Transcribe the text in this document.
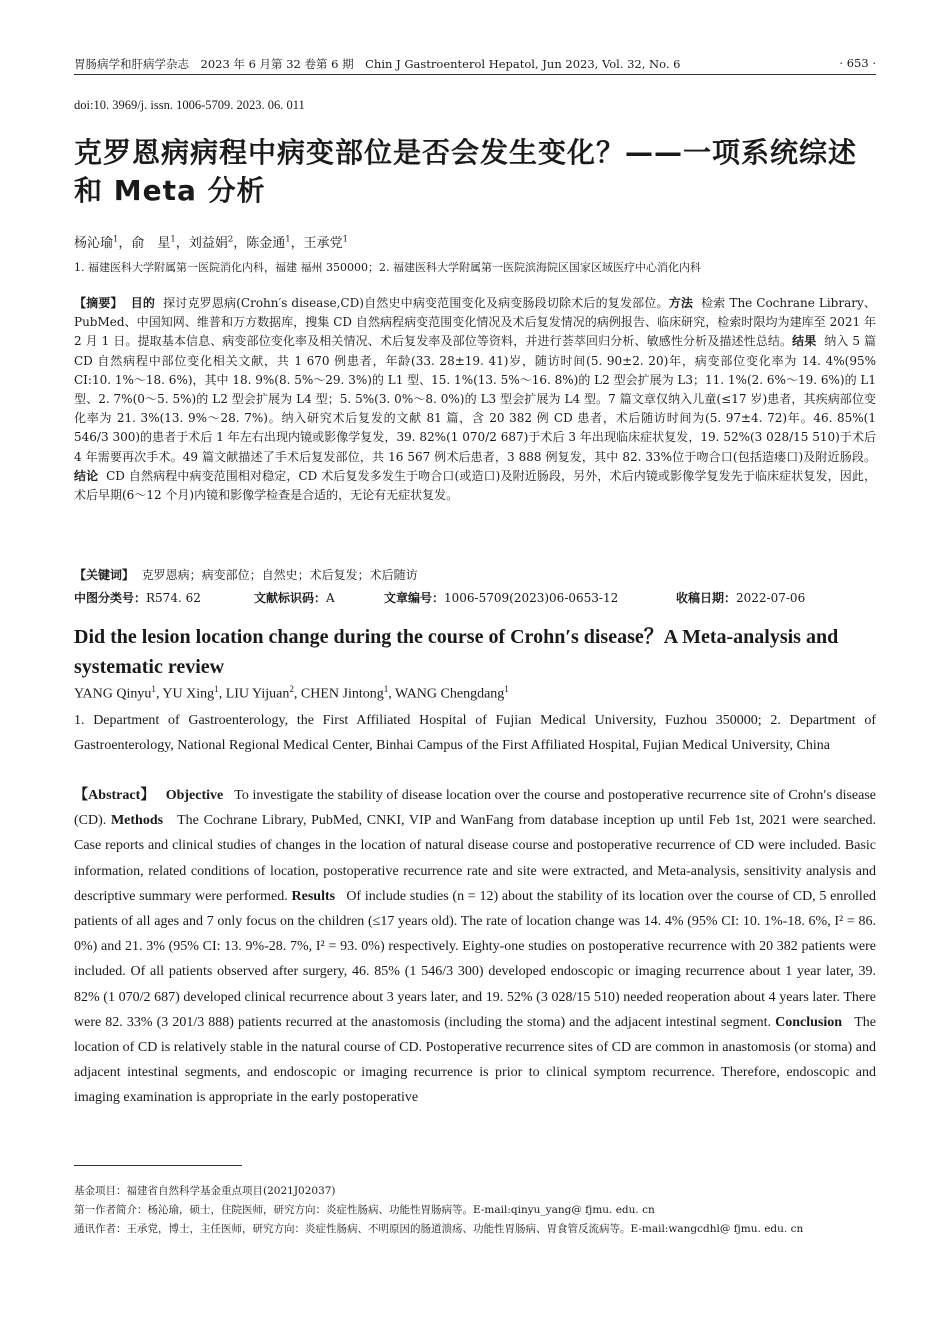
胃肠病学和肝病学杂志　2023 年 6 月第 32 卷第 6 期　Chin J Gastroenterol Hepatol, Jun 2023, Vol. 32, No. 6	· 653 ·
doi:10. 3969/j. issn. 1006-5709. 2023. 06. 011
克罗恩病病程中病变部位是否会发生变化？——一项系统综述和 Meta 分析
杨沁瑜$^1$，俞　星$^1$，刘益娟$^2$，陈金通$^1$，王承党$^1$
1. 福建医科大学附属第一医院消化内科，福建 福州 350000；2. 福建医科大学附属第一医院滨海院区国家区域医疗中心消化内科
【摘要】 目的 探讨克罗恩病(Crohn′s disease,CD)自然史中病变范围变化及病变肠段切除术后的复发部位。方法 检索 The Cochrane Library、PubMed、中国知网、维普和万方数据库，搜集 CD 自然病程病变范围变化情况及术后复发情况的病例报告、临床研究，检索时限均为建库至 2021 年 2 月 1 日。提取基本信息、病变部位变化率及相关情况、术后复发率及部位等资料，并进行荟萃回归分析、敏感性分析及描述性总结。结果 纳入 5 篇 CD 自然病程中部位变化相关文献，共 1 670 例患者，年龄(33. 28±19. 41)岁，随访时间(5. 90±2. 20)年，病变部位变化率为 14. 4%(95% CI:10. 1%～18. 6%)，其中 18. 9%(8. 5%～29. 3%)的 L1 型、15. 1%(13. 5%～16. 8%)的 L2 型会扩展为 L3；11. 1%(2. 6%～19. 6%)的 L1 型、2. 7%(0～5. 5%)的 L2 型会扩展为 L4 型；5. 5%(3. 0%～8. 0%)的 L3 型会扩展为 L4 型。7 篇文章仅纳入儿童(≤17 岁)患者，其疾病部位变化率为 21. 3%(13. 9%～28. 7%)。纳入研究术后复发的文献 81 篇，含 20 382 例 CD 患者，术后随访时间为(5. 97±4. 72)年。46. 85%(1 546/3 300)的患者于术后 1 年左右出现内镜或影像学复发，39. 82%(1 070/2 687)于术后 3 年出现临床症状复发，19. 52%(3 028/15 510)于术后 4 年需要再次手术。49 篇文献描述了手术后复发部位，共 16 567 例术后患者，3 888 例复发，其中 82. 33%位于吻合口(包括造瘘口)及附近肠段。结论 CD 自然病程中病变范围相对稳定，CD 术后复发多发生于吻合口(或造口)及附近肠段，另外，术后内镜或影像学复发先于临床症状复发，因此，术后早期(6～12 个月)内镜和影像学检查是合适的，无论有无症状复发。
【关键词】 克罗恩病；病变部位；自然史；术后复发；术后随访
中图分类号：R574. 62	文献标识码：A	文章编号：1006-5709(2023)06-0653-12	收稿日期：2022-07-06
Did the lesion location change during the course of Crohn′s disease？A Meta-analysis and systematic review
YANG Qinyu$^1$, YU Xing$^1$, LIU Yijuan$^2$, CHEN Jintong$^1$, WANG Chengdang$^1$
1. Department of Gastroenterology, the First Affiliated Hospital of Fujian Medical University, Fuzhou 350000; 2. Department of Gastroenterology, National Regional Medical Center, Binhai Campus of the First Affiliated Hospital, Fujian Medical University, China
【Abstract】 Objective To investigate the stability of disease location over the course and postoperative recurrence site of Crohn′s disease (CD). Methods The Cochrane Library, PubMed, CNKI, VIP and WanFang from database inception up until Feb 1st, 2021 were searched. Case reports and clinical studies of changes in the location of natural disease course and postoperative recurrence of CD were included. Basic information, related conditions of location, postoperative recurrence rate and site were extracted, and Meta-analysis, sensitivity analysis and descriptive summary were performed. Results Of include studies (n = 12) about the stability of its location over the course of CD, 5 enrolled patients of all ages and 7 only focus on the children (≤17 years old). The rate of location change was 14. 4% (95% CI: 10. 1%-18. 6%, I² = 86. 0%) and 21. 3% (95% CI: 13. 9%-28. 7%, I² = 93. 0%) respectively. Eighty-one studies on postoperative recurrence with 20 382 patients were included. Of all patients observed after surgery, 46. 85% (1 546/3 300) developed endoscopic or imaging recurrence about 1 year later, 39. 82% (1 070/2 687) developed clinical recurrence about 3 years later, and 19. 52% (3 028/15 510) needed reoperation about 4 years later. There were 82. 33% (3 201/3 888) patients recurred at the anastomosis (including the stoma) and the adjacent intestinal segment. Conclusion The location of CD is relatively stable in the natural course of CD. Postoperative recurrence sites of CD are common in anastomosis (or stoma) and adjacent intestinal segments, and endoscopic or imaging recurrence is prior to clinical symptom recurrence. Therefore, endoscopic and imaging examination is appropriate in the early postoperative
基金项目：福建省自然科学基金重点项目(2021J02037)
第一作者简介：杨沁瑜，硕士，住院医师，研究方向：炎症性肠病、功能性胃肠病等。E-mail:qinyu_yang@ fjmu. edu. cn
通讯作者：王承党，博士，主任医师，研究方向：炎症性肠病、不明原因的肠道溃疡、功能性胃肠病、胃食管反流病等。E-mail:wangcdhl@ fjmu. edu. cn
